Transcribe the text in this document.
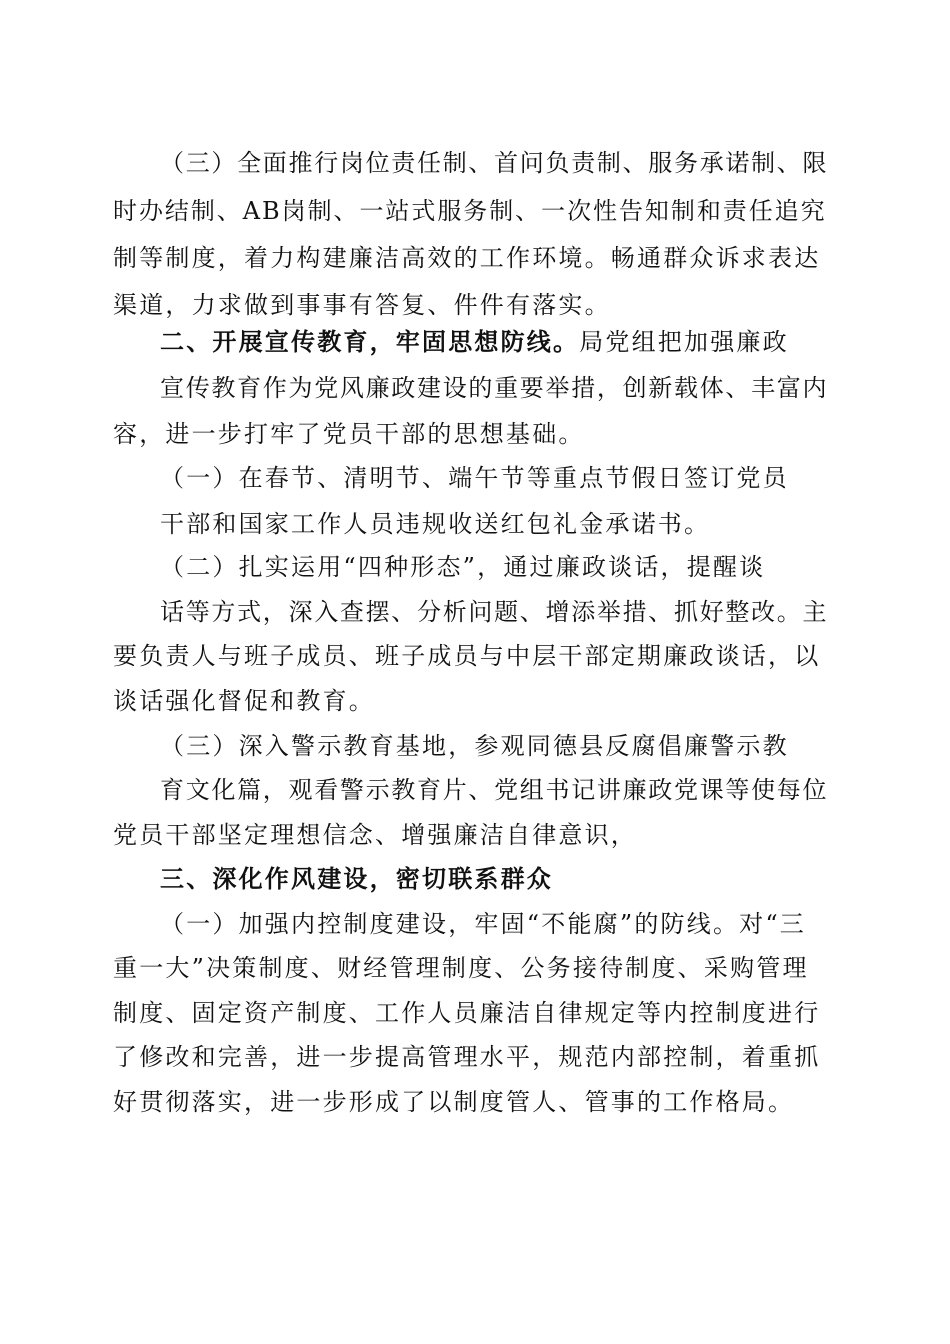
（三）全面推行岗位责任制、首问负责制、服务承诺制、限
时办结制、AB岗制、一站式服务制、一次性告知制和责任追究
制等制度，着力构建廉洁高效的工作环境。畅通群众诉求表达
渠道，力求做到事事有答复、件件有落实。
二、开展宣传教育，牢固思想防线。局党组把加强廉政
宣传教育作为党风廉政建设的重要举措，创新载体、丰富内
容，进一步打牢了党员干部的思想基础。
（一）在春节、清明节、端午节等重点节假日签订党员
干部和国家工作人员违规收送红包礼金承诺书。
（二）扎实运用“四种形态”，通过廉政谈话，提醒谈
话等方式，深入查摆、分析问题、增添举措、抓好整改。主
要负责人与班子成员、班子成员与中层干部定期廉政谈话，以
谈话强化督促和教育。
（三）深入警示教育基地，参观同德县反腐倡廉警示教
育文化篇，观看警示教育片、党组书记讲廉政党课等使每位
党员干部坚定理想信念、增强廉洁自律意识，
三、深化作风建设，密切联系群众
（一）加强内控制度建设，牢固“不能腐”的防线。对“三
重一大”决策制度、财经管理制度、公务接待制度、采购管理
制度、固定资产制度、工作人员廉洁自律规定等内控制度进行
了修改和完善，进一步提高管理水平，规范内部控制，着重抓
好贯彻落实，进一步形成了以制度管人、管事的工作格局。
